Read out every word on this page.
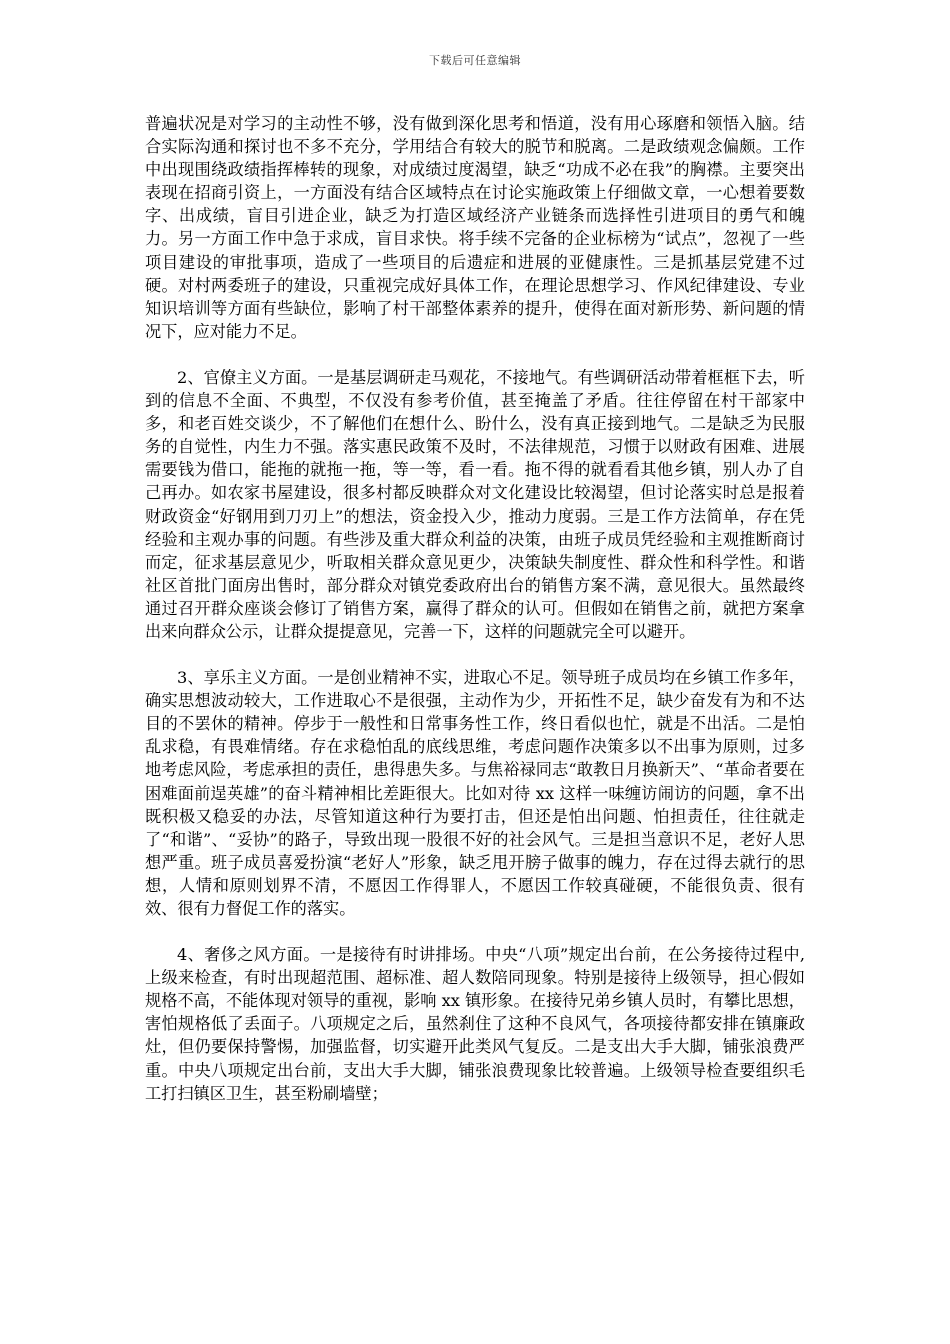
下载后可任意编辑

普遍状况是对学习的主动性不够，没有做到深化思考和悟道，没有用心琢磨和领悟入脑。结合实际沟通和探讨也不多不充分，学用结合有较大的脱节和脱离。二是政绩观念偏颇。工作中出现围绕政绩指挥棒转的现象，对成绩过度渴望，缺乏“功成不必在我”的胸襟。主要突出表现在招商引资上，一方面没有结合区域特点在讨论实施政策上仔细做文章，一心想着要数字、出成绩，盲目引进企业，缺乏为打造区域经济产业链条而选择性引进项目的勇气和魄力。另一方面工作中急于求成，盲目求快。将手续不完备的企业标榜为“试点”，忽视了一些项目建设的审批事项，造成了一些项目的后遗症和进展的亚健康性。三是抓基层党建不过硬。对村两委班子的建设，只重视完成好具体工作，在理论思想学习、作风纪律建设、专业知识培训等方面有些缺位，影响了村干部整体素养的提升，使得在面对新形势、新问题的情况下，应对能力不足。

2、官僚主义方面。一是基层调研走马观花，不接地气。有些调研活动带着框框下去，听到的信息不全面、不典型，不仅没有参考价值，甚至掩盖了矛盾。往往停留在村干部家中多，和老百姓交谈少，不了解他们在想什么、盼什么，没有真正接到地气。二是缺乏为民服务的自觉性，内生力不强。落实惠民政策不及时，不法律规范，习惯于以财政有困难、进展需要钱为借口，能拖的就拖一拖，等一等，看一看。拖不得的就看看其他乡镇，别人办了自己再办。如农家书屋建设，很多村都反映群众对文化建设比较渴望，但讨论落实时总是报着财政资金“好钢用到刀刃上”的想法，资金投入少，推动力度弱。三是工作方法简单，存在凭经验和主观办事的问题。有些涉及重大群众利益的决策，由班子成员凭经验和主观推断商讨而定，征求基层意见少，听取相关群众意见更少，决策缺失制度性、群众性和科学性。和谐社区首批门面房出售时，部分群众对镇党委政府出台的销售方案不满，意见很大。虽然最终通过召开群众座谈会修订了销售方案，赢得了群众的认可。但假如在销售之前，就把方案拿出来向群众公示，让群众提提意见，完善一下，这样的问题就完全可以避开。

3、享乐主义方面。一是创业精神不实，进取心不足。领导班子成员均在乡镇工作多年，确实思想波动较大，工作进取心不是很强，主动作为少，开拓性不足，缺少奋发有为和不达目的不罢休的精神。停步于一般性和日常事务性工作，终日看似也忙，就是不出活。二是怕乱求稳，有畏难情绪。存在求稳怕乱的底线思维，考虑问题作决策多以不出事为原则，过多地考虑风险，考虑承担的责任，患得患失多。与焦裕禄同志“敢教日月换新天”、“革命者要在困难面前逞英雄”的奋斗精神相比差距很大。比如对待 xx 这样一味缠访闹访的问题，拿不出既积极又稳妥的办法，尽管知道这种行为要打击，但还是怕出问题、怕担责任，往往就走了“和谐”、“妥协”的路子，导致出现一股很不好的社会风气。三是担当意识不足，老好人思想严重。班子成员喜爱扮演“老好人”形象，缺乏甩开膀子做事的魄力，存在过得去就行的思想，人情和原则划界不清，不愿因工作得罪人，不愿因工作较真碰硬，不能很负责、很有效、很有力督促工作的落实。

4、奢侈之风方面。一是接待有时讲排场。中央“八项”规定出台前，在公务接待过程中, 上级来检查，有时出现超范围、超标准、超人数陪同现象。特别是接待上级领导，担心假如规格不高，不能体现对领导的重视，影响 xx 镇形象。在接待兄弟乡镇人员时，有攀比思想，害怕规格低了丢面子。八项规定之后，虽然刹住了这种不良风气，各项接待都安排在镇廉政灶，但仍要保持警惕，加强监督，切实避开此类风气复反。二是支出大手大脚，铺张浪费严重。中央八项规定出台前，支出大手大脚，铺张浪费现象比较普遍。上级领导检查要组织毛工打扫镇区卫生，甚至粉刷墙壁；
